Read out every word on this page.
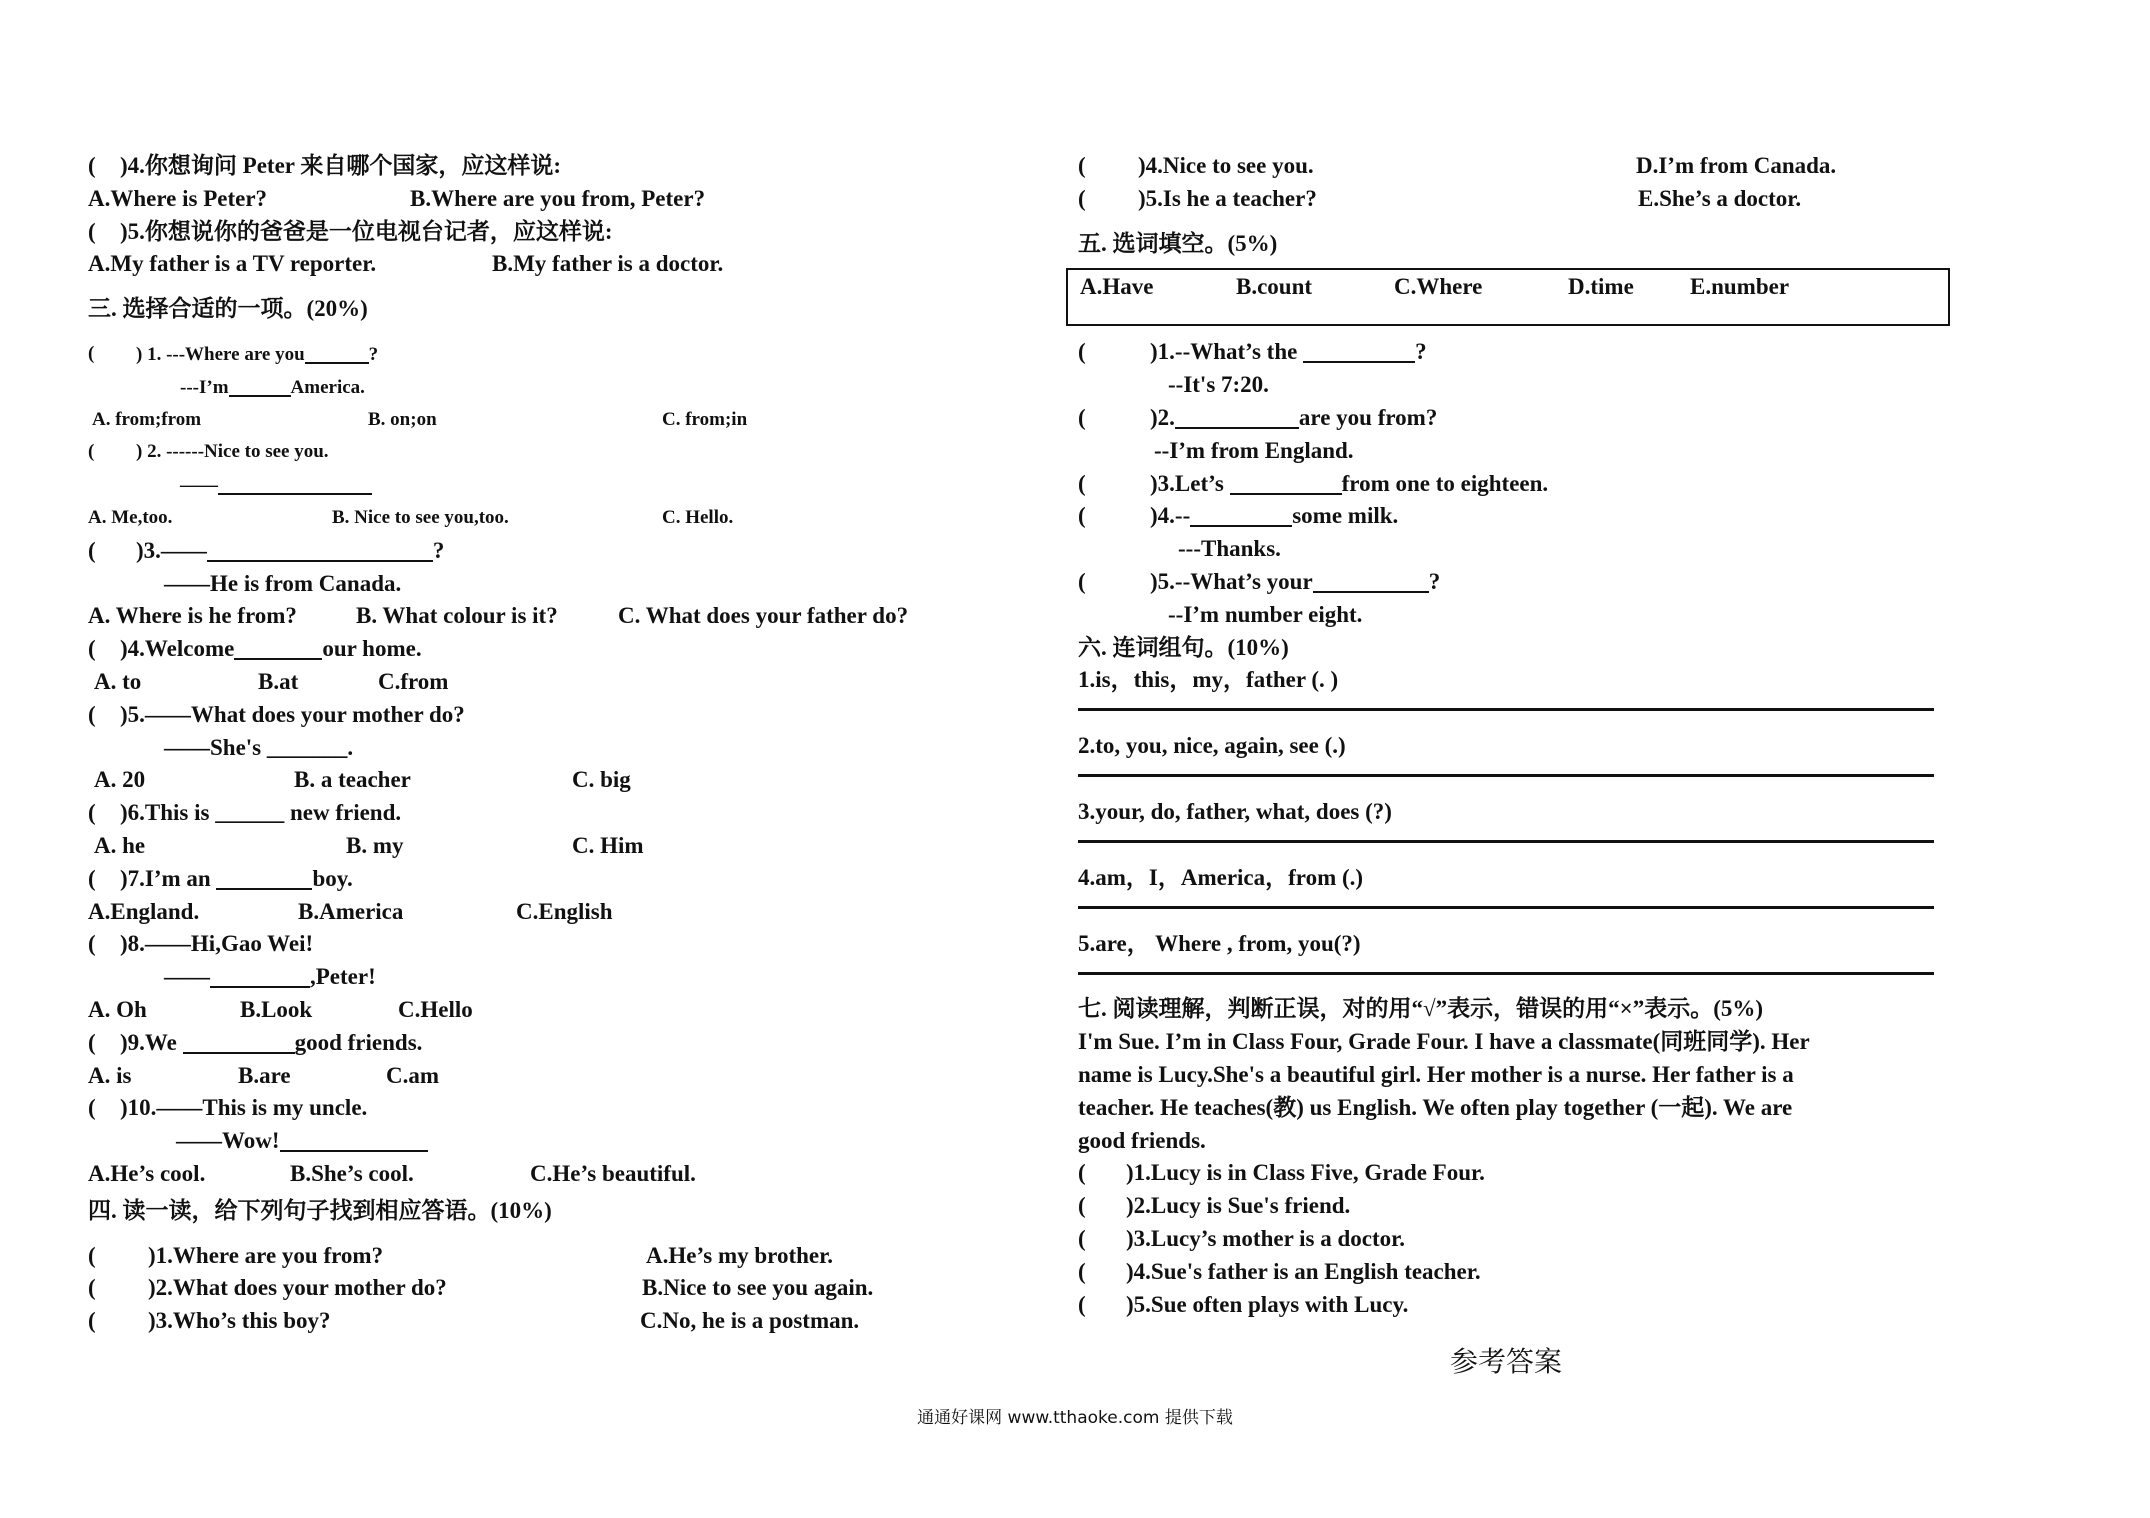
( )4.你想询问 Peter 来自哪个国家，应这样说:
A.Where is Peter?	B.Where are you from, Peter?
( )5.你想说你的爸爸是一位电视台记者，应这样说:
A.My father is a TV reporter.	B.My father is a doctor.
三. 选择合适的一项。(20%)
( ) 1. ---Where are you	?
---I’m	America.
A. from;from	B. on;on	C. from;in
( ) 2. ------Nice to see you.
——
A. Me,too.	B. Nice to see you,too.	C. Hello.
( )3.——	?
——He is from Canada.
A. Where is he from?	B. What colour is it?	C. What does your father do?
( )4.Welcome	our home.
A. to	B.at	C.from
( )5.——What does your mother do?
——She's _______.
A. 20	B. a teacher	C. big
( )6.This is ______ new friend.
A. he	B. my	C. Him
( )7.I’m an	boy.
A.England.	B.America	C.English
( )8.——Hi,Gao Wei!
——	,Peter!
A. Oh	B.Look	C.Hello
( )9.We	good friends.
A. is	B.are	C.am
( )10.——This is my uncle.
——Wow!
A.He’s cool.	B.She’s cool.	C.He’s beautiful.
四. 读一读，给下列句子找到相应答语。(10%)
( )1.Where are you from?	A.He’s my brother.
( )2.What does your mother do?	B.Nice to see you again.
( )3.Who’s this boy?	C.No, he is a postman.
( )4.Nice to see you.	D.I’m from Canada.
( )5.Is he a teacher?	E.She’s a doctor.
五. 选词填空。(5%)
A.Have	B.count	C.Where	D.time E.number
(	)1.--What’s the	?
--It's 7:20.
(	)2.	are you from?
--I’m from England.
(	)3.Let’s	from one to eighteen.
(	)4.--	some milk.
---Thanks.
(	)5.--What’s your	?
--I’m number eight.
六. 连词组句。(10%)
1.is，this，my，father (. )
2.to, you, nice, again, see (.)
3.your, do, father, what, does (?)
4.am，I，America，from (.)
5.are， Where , from, you(?)
七. 阅读理解，判断正误，对的用“√”表示，错误的用“×”表示。(5%)
I'm Sue. I’m in Class Four, Grade Four. I have a classmate(同班同学). Her
name is Lucy.She's a beautiful girl. Her mother is a nurse. Her father is a
teacher. He teaches(教) us English. We often play together (一起). We are
good friends.
( )1.Lucy is in Class Five, Grade Four.
( )2.Lucy is Sue's friend.
( )3.Lucy’s mother is a doctor.
( )4.Sue's father is an English teacher.
( )5.Sue often plays with Lucy.
参考答案
通通好课网 www.tthaoke.com 提供下载
